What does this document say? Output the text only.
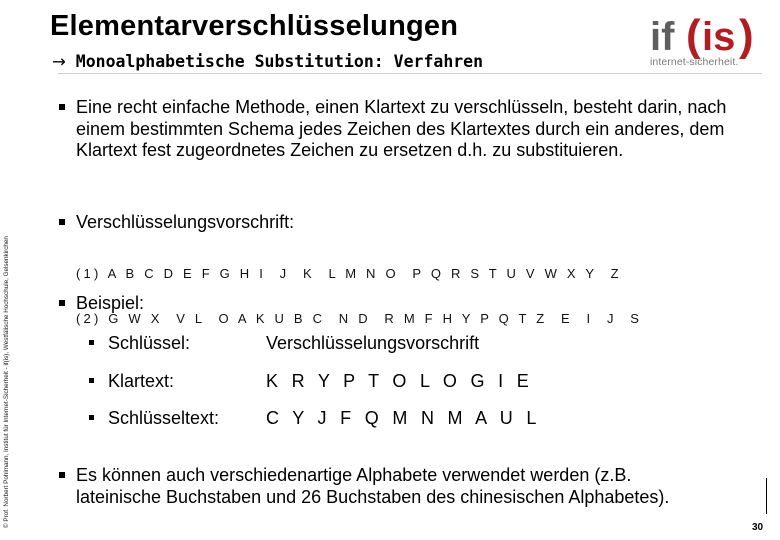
Elementarverschlüsselungen
→ Monoalphabetische Substitution: Verfahren
if ( is )
internet-sicherheit.
© Prof. Norbert Pohlmann, Institut für Internet-Sicherheit - if(is), Westfälische Hochschule, Gelsenkirchen
Eine recht einfache Methode, einen Klartext zu verschlüsseln, besteht darin, nach einem bestimmten Schema jedes Zeichen des Klartextes durch ein anderes, dem Klartext fest zugeordnetes Zeichen zu ersetzen d.h. zu substituieren.
Verschlüsselungsvorschrift:

(1) A B C D E F G H I  J  K  L M N O  P Q R S T U V W X Y  Z

(2) G W X  V L  O A K U B C  N D  R M F H Y P Q T Z  E  I  J  S

Beispiel:
Schlüssel:	Verschlüsselungsvorschrift
Klartext:	K R Y P T O L O G I E
Schlüsseltext:	C Y J F Q M N M A U L
Es können auch verschiedenartige Alphabete verwendet werden (z.B. lateinische Buchstaben und 26 Buchstaben des chinesischen Alphabetes).
30
